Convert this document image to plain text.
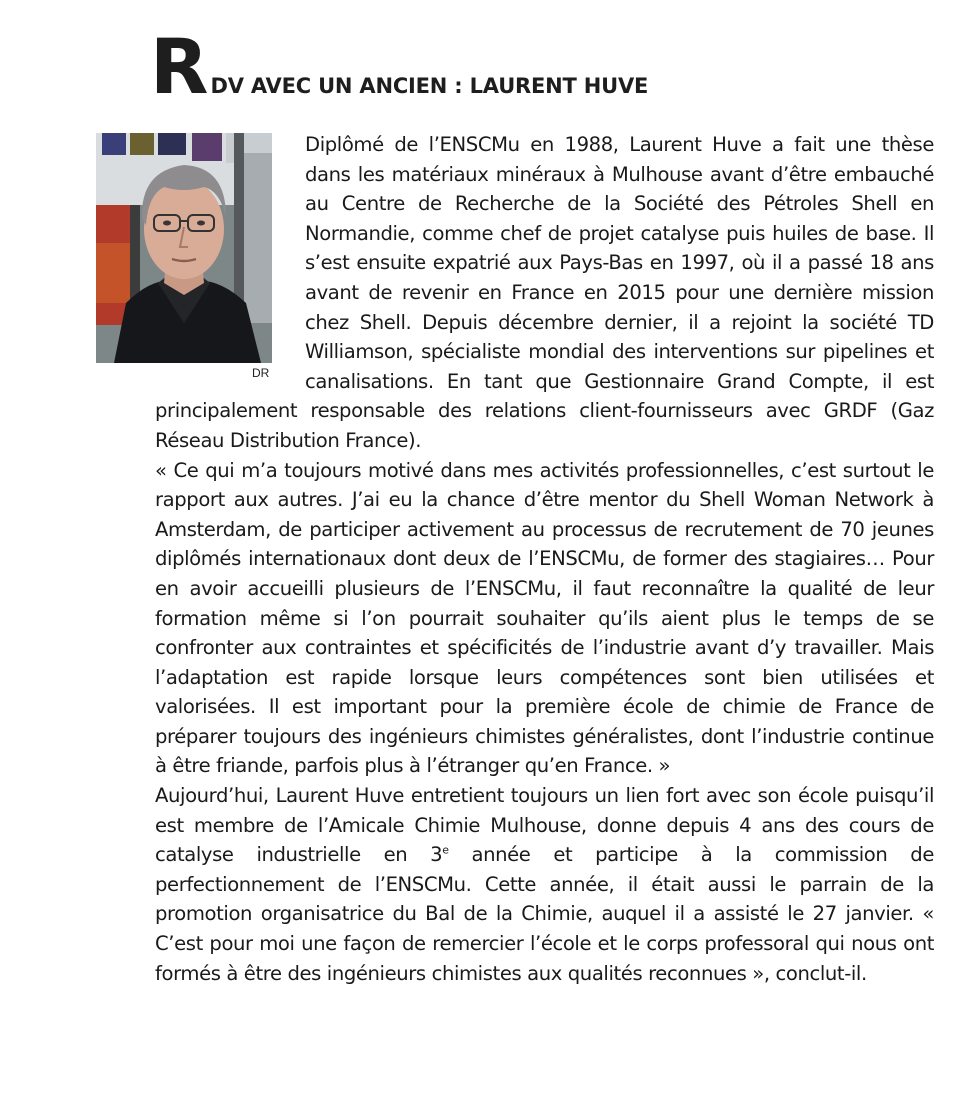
R DV AVEC UN ANCIEN : LAURENT HUVE
DR

Diplômé de l’ENSCMu en 1988, Laurent Huve a fait une thèse dans les matériaux minéraux à Mulhouse avant d’être embauché au Centre de Recherche de la Société des Pétroles Shell en Normandie, comme chef de projet catalyse puis huiles de base. Il s’est ensuite expatrié aux Pays-Bas en 1997, où il a passé 18 ans avant de revenir en France en 2015 pour une dernière mission chez Shell. Depuis décembre dernier, il a rejoint la société TD Williamson, spécialiste mondial des interventions sur pipelines et canalisations. En tant que Gestionnaire Grand Compte, il est principalement responsable des relations client-fournisseurs avec GRDF (Gaz Réseau Distribution France).

« Ce qui m’a toujours motivé dans mes activités professionnelles, c’est surtout le rapport aux autres. J’ai eu la chance d’être mentor du Shell Woman Network à Amsterdam, de participer activement au processus de recrutement de 70 jeunes diplômés internationaux dont deux de l’ENSCMu, de former des stagiaires… Pour en avoir accueilli plusieurs de l’ENSCMu, il faut reconnaître la qualité de leur formation même si l’on pourrait souhaiter qu’ils aient plus le temps de se confronter aux contraintes et spécificités de l’industrie avant d’y travailler. Mais l’adaptation est rapide lorsque leurs compétences sont bien utilisées et valorisées. Il est important pour la première école de chimie de France de préparer toujours des ingénieurs chimistes généralistes, dont l’industrie continue à être friande, parfois plus à l’étranger qu’en France. »

Aujourd’hui, Laurent Huve entretient toujours un lien fort avec son école puisqu’il est membre de l’Amicale Chimie Mulhouse, donne depuis 4 ans des cours de catalyse industrielle en 3e année et participe à la commission de perfectionnement de l’ENSCMu. Cette année, il était aussi le parrain de la promotion organisatrice du Bal de la Chimie, auquel il a assisté le 27 janvier. « C’est pour moi une façon de remercier l’école et le corps professoral qui nous ont formés à être des ingénieurs chimistes aux qualités reconnues », conclut-il.
